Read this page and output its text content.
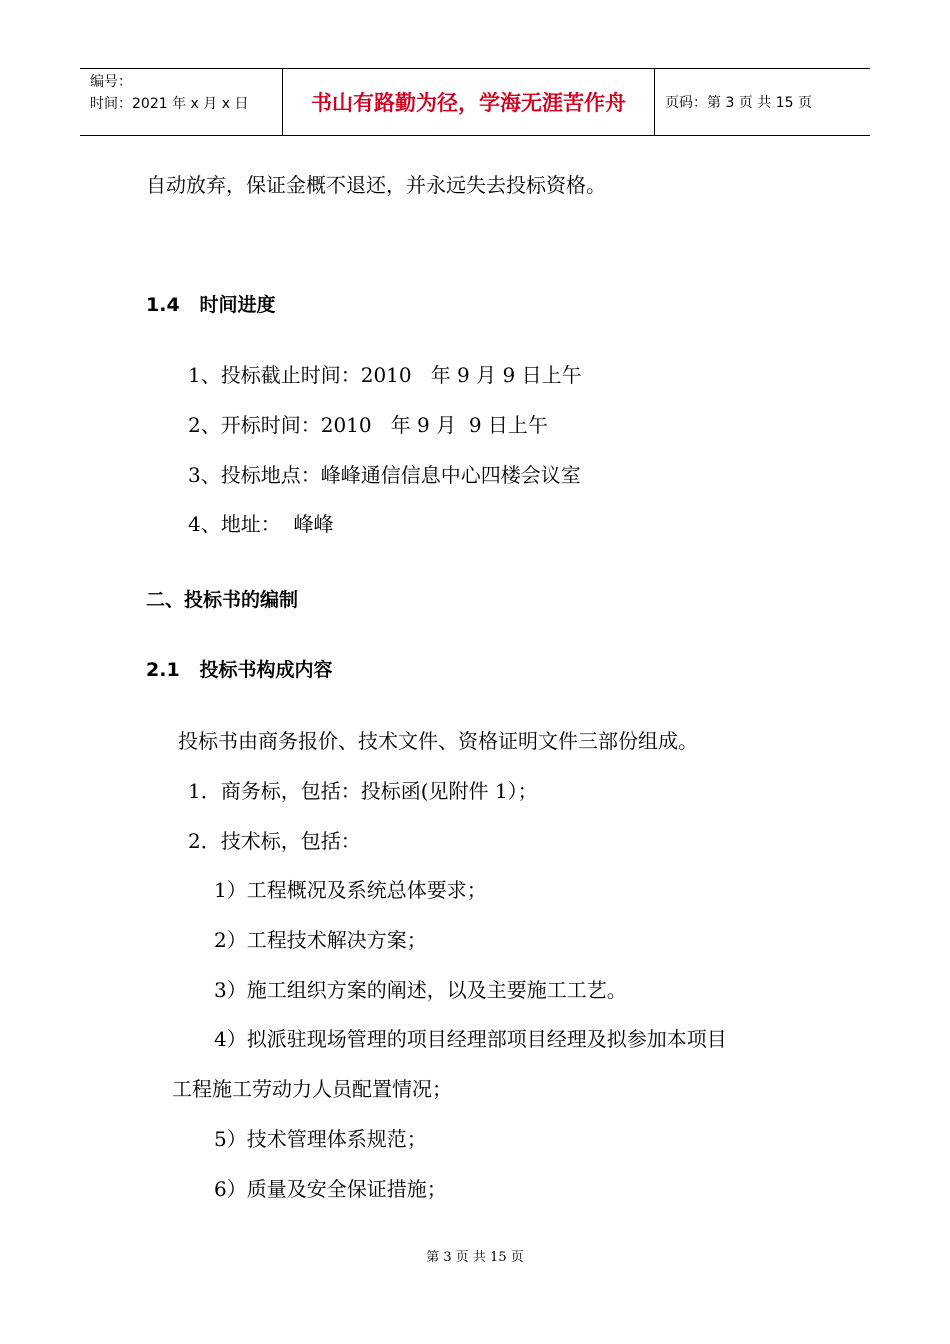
编号：
时间：2021 年 x 月 x 日	书山有路勤为径，学海无涯苦作舟	页码：第 3 页 共 15 页
自动放弃，保证金概不退还，并永远失去投标资格。
1.4   时间进度
1、投标截止时间：2010   年 9 月 9 日上午
2、开标时间：2010   年 9 月  9 日上午
3、投标地点：峰峰通信信息中心四楼会议室
4、地址：  峰峰
二、投标书的编制
2.1   投标书构成内容
投标书由商务报价、技术文件、资格证明文件三部份组成。
1．商务标，包括：投标函(见附件 1）；
2．技术标，包括：
1）工程概况及系统总体要求；
2）工程技术解决方案；
3）施工组织方案的阐述，以及主要施工工艺。
4）拟派驻现场管理的项目经理部项目经理及拟参加本项目
工程施工劳动力人员配置情况；
5）技术管理体系规范；
6）质量及安全保证措施；
第 3 页 共 15 页
